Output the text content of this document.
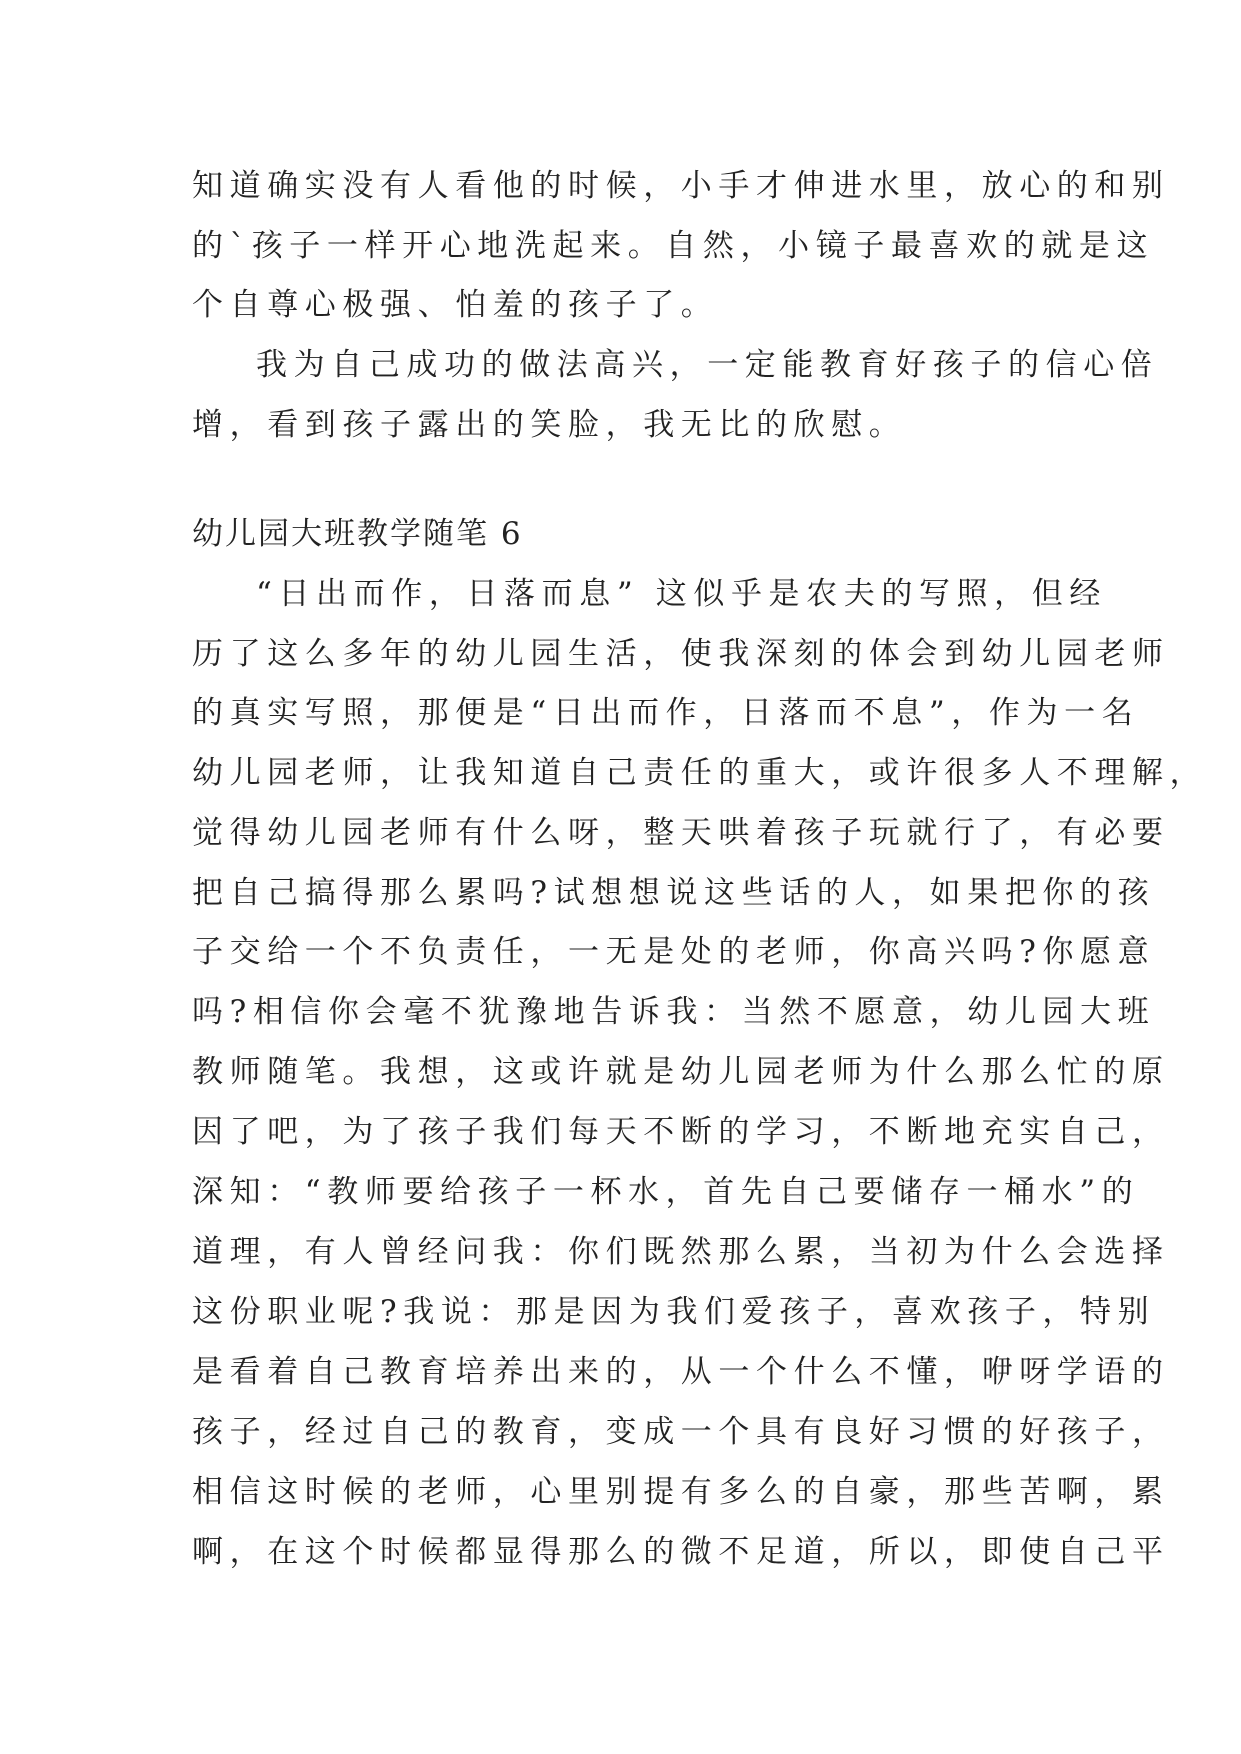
知道确实没有人看他的时候，小手才伸进水里，放心的和别
的`孩子一样开心地洗起来。自然，小镜子最喜欢的就是这
个自尊心极强、怕羞的孩子了。
我为自己成功的做法高兴，一定能教育好孩子的信心倍
增，看到孩子露出的笑脸，我无比的欣慰。
幼儿园大班教学随笔 6
“日出而作，日落而息” 这似乎是农夫的写照，但经
历了这么多年的幼儿园生活，使我深刻的体会到幼儿园老师
的真实写照，那便是“日出而作，日落而不息”，作为一名
幼儿园老师，让我知道自己责任的重大，或许很多人不理解，
觉得幼儿园老师有什么呀，整天哄着孩子玩就行了，有必要
把自己搞得那么累吗?试想想说这些话的人，如果把你的孩
子交给一个不负责任，一无是处的老师，你高兴吗?你愿意
吗?相信你会毫不犹豫地告诉我：当然不愿意，幼儿园大班
教师随笔。我想，这或许就是幼儿园老师为什么那么忙的原
因了吧，为了孩子我们每天不断的学习，不断地充实自己，
深知：“教师要给孩子一杯水，首先自己要储存一桶水”的
道理，有人曾经问我：你们既然那么累，当初为什么会选择
这份职业呢?我说：那是因为我们爱孩子，喜欢孩子，特别
是看着自己教育培养出来的，从一个什么不懂，咿呀学语的
孩子，经过自己的教育，变成一个具有良好习惯的好孩子，
相信这时候的老师，心里别提有多么的自豪，那些苦啊，累
啊，在这个时候都显得那么的微不足道，所以，即使自己平
